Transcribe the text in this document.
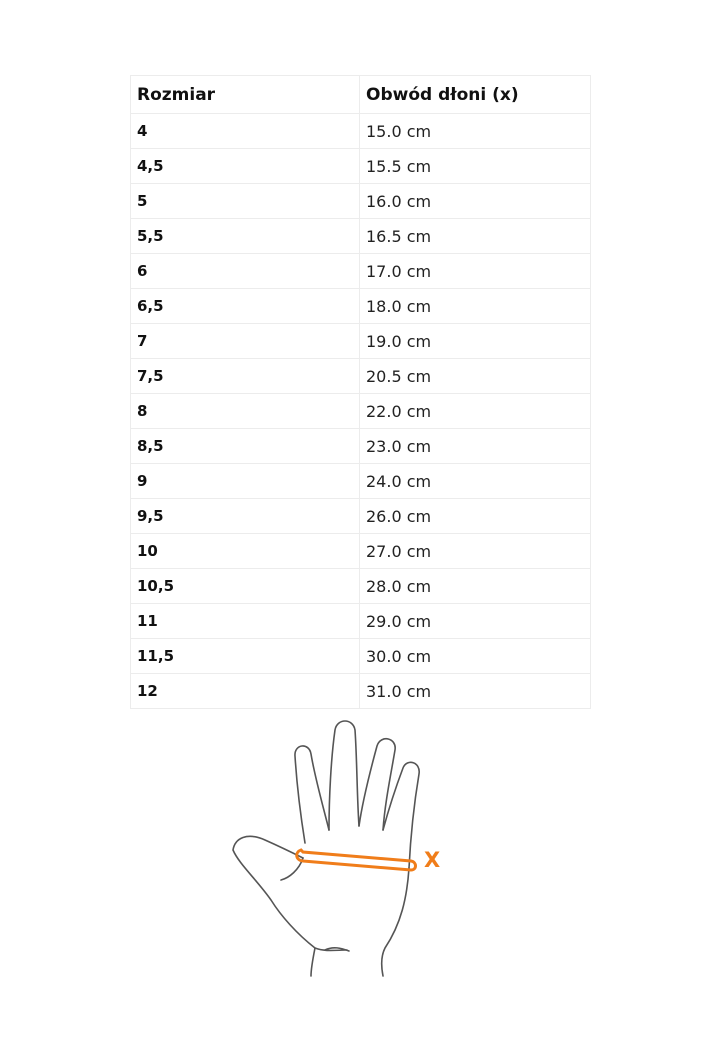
Rozmiar	Obwód dłoni (x)
4	15.0 cm
4,5	15.5 cm
5	16.0 cm
5,5	16.5 cm
6	17.0 cm
6,5	18.0 cm
7	19.0 cm
7,5	20.5 cm
8	22.0 cm
8,5	23.0 cm
9	24.0 cm
9,5	26.0 cm
10	27.0 cm
10,5	28.0 cm
11	29.0 cm
11,5	30.0 cm
12	31.0 cm
X
